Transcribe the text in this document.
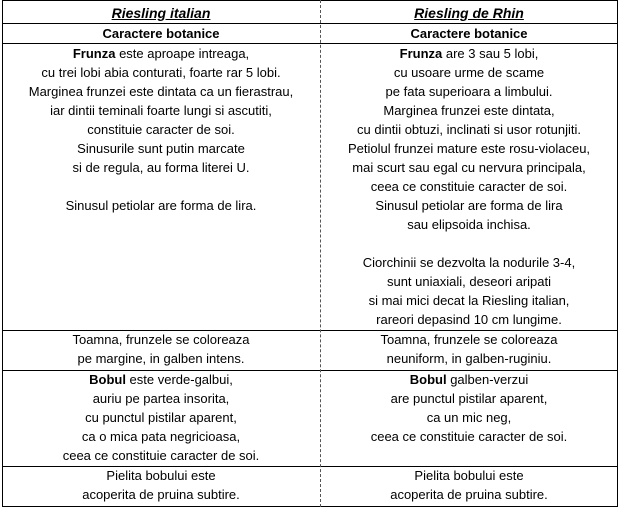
Riesling italian	Riesling de Rhin
Caractere botanice	Caractere botanice
Frunza este aproape intreaga,
cu trei lobi abia conturati, foarte rar 5 lobi.
Marginea frunzei este dintata ca un fierastrau,
iar dintii teminali foarte lungi si ascutiti,
constituie caracter de soi.
Sinusurile sunt putin marcate
si de regula, au forma literei U.
Sinusul petiolar are forma de lira.
Frunza are 3 sau 5 lobi,
cu usoare urme de scame
pe fata superioara a limbului.
Marginea frunzei este dintata,
cu dintii obtuzi, inclinati si usor rotunjiti.
Petiolul frunzei mature este rosu-violaceu,
mai scurt sau egal cu nervura principala,
ceea ce constituie caracter de soi.
Sinusul petiolar are forma de lira
sau elipsoida inchisa.
Ciorchinii se dezvolta la nodurile 3-4,
sunt uniaxiali, deseori aripati
si mai mici decat la Riesling italian,
rareori depasind 10 cm lungime.
Toamna, frunzele se coloreaza
pe margine, in galben intens.
Toamna, frunzele se coloreaza
neuniform, in galben-ruginiu.
Bobul este verde-galbui,
auriu pe partea insorita,
cu punctul pistilar aparent,
ca o mica pata negricioasa,
ceea ce constituie caracter de soi.
Bobul galben-verzui
are punctul pistilar aparent,
ca un mic neg,
ceea ce constituie caracter de soi.
Pielita bobului este
acoperita de pruina subtire.
Pielita bobului este
acoperita de pruina subtire.
